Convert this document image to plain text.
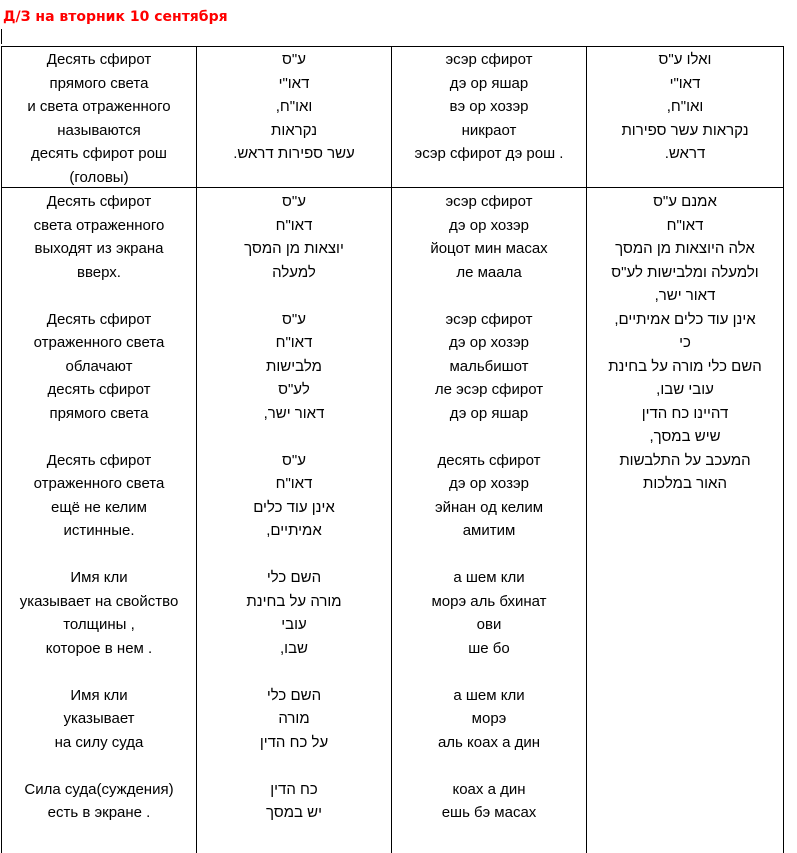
Д/З на вторник 10 сентября
Десять сфирот
прямого света
и света отраженного
называются
десять сфирот рош
(головы)
ע"ס
דאו"י
ואו"ח,
נקראות
עשר ספירות דראש.
эсэр сфирот
дэ ор яшар
вэ ор хозэр
никраот
эсэр сфирот дэ рош .
ואלו ע"ס
דאו"י
ואו"ח,
נקראות עשר ספירות
דראש.
Десять сфирот
света отраженного
выходят из экрана
вверх.
Десять сфирот
отраженного света
облачают
десять сфирот
прямого света
Десять сфирот
отраженного света
ещё не келим
истинные.
Имя кли
указывает на свойство
толщины ,
которое в нем .
Имя кли
указывает
на силу суда
Сила суда(суждения)
есть в экране .
ע"ס
דאו"ח
יוצאות מן המסך
למעלה
ע"ס
דאו"ח
מלבישות
לע"ס
דאור ישר,
ע"ס
דאו"ח
אינן עוד כלים
אמיתיים,
השם כלי
מורה על בחינת
עובי
שבו,
השם כלי
מורה
על כח הדין
כח הדין
יש במסך
эсэр сфирот
дэ ор хозэр
йоцот мин масах
ле маала
эсэр сфирот
дэ ор хозэр
мальбишот
ле эсэр сфирот
дэ ор яшар
десять сфирот
дэ ор хозэр
эйнан од келим
амитим
а шем кли
морэ аль бхинат
ови
ше бо
а шем кли
морэ
аль коах а дин
коах а дин
ешь бэ масах
אמנם ע"ס
דאו"ח
אלה היוצאות מן המסך
ולמעלה ומלבישות לע"ס
דאור ישר,
אינן עוד כלים אמיתיים,
כי
השם כלי מורה על בחינת
עובי שבו,
דהיינו כח הדין
שיש במסך,
המעכב על התלבשות
האור במלכות
